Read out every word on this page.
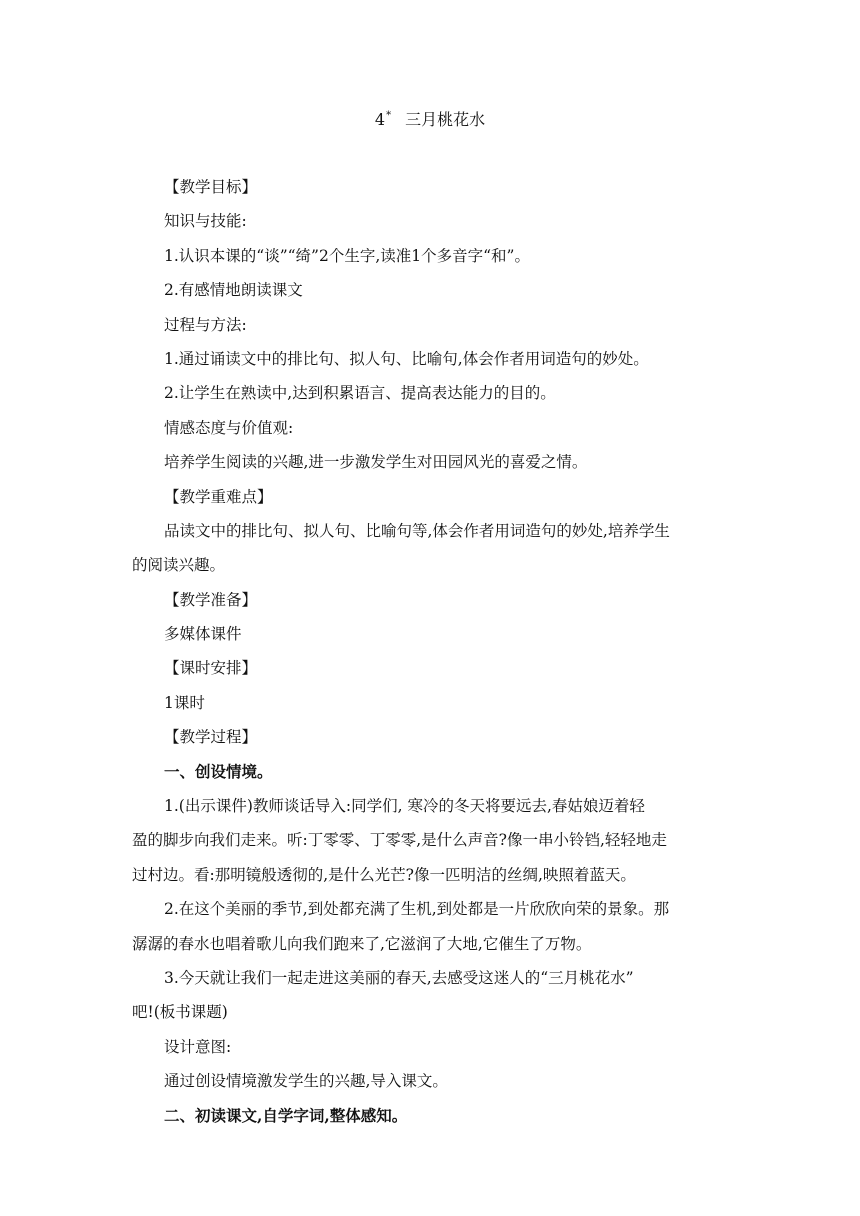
4* 三月桃花水
【教学目标】
知识与技能:
1.认识本课的“谈”“绮”2个生字,读准1个多音字“和”。
2.有感情地朗读课文
过程与方法:
1.通过诵读文中的排比句、拟人句、比喻句,体会作者用词造句的妙处。
2.让学生在熟读中,达到积累语言、提高表达能力的目的。
情感态度与价值观:
培养学生阅读的兴趣,进一步激发学生对田园风光的喜爱之情。
【教学重难点】
品读文中的排比句、拟人句、比喻句等,体会作者用词造句的妙处,培养学生
的阅读兴趣。
【教学准备】
多媒体课件
【课时安排】
1课时
【教学过程】
一、创设情境。
1.(出示课件)教师谈话导入:同学们, 寒冷的冬天将要远去,春姑娘迈着轻
盈的脚步向我们走来。听:丁零零、丁零零,是什么声音?像一串小铃铛,轻轻地走
过村边。看:那明镜般透彻的,是什么光芒?像一匹明洁的丝绸,映照着蓝天。
2.在这个美丽的季节,到处都充满了生机,到处都是一片欣欣向荣的景象。那
潺潺的春水也唱着歌儿向我们跑来了,它滋润了大地,它催生了万物。
3.今天就让我们一起走进这美丽的春天,去感受这迷人的“三月桃花水”
吧!(板书课题)
设计意图:
通过创设情境激发学生的兴趣,导入课文。
二、初读课文,自学字词,整体感知。
